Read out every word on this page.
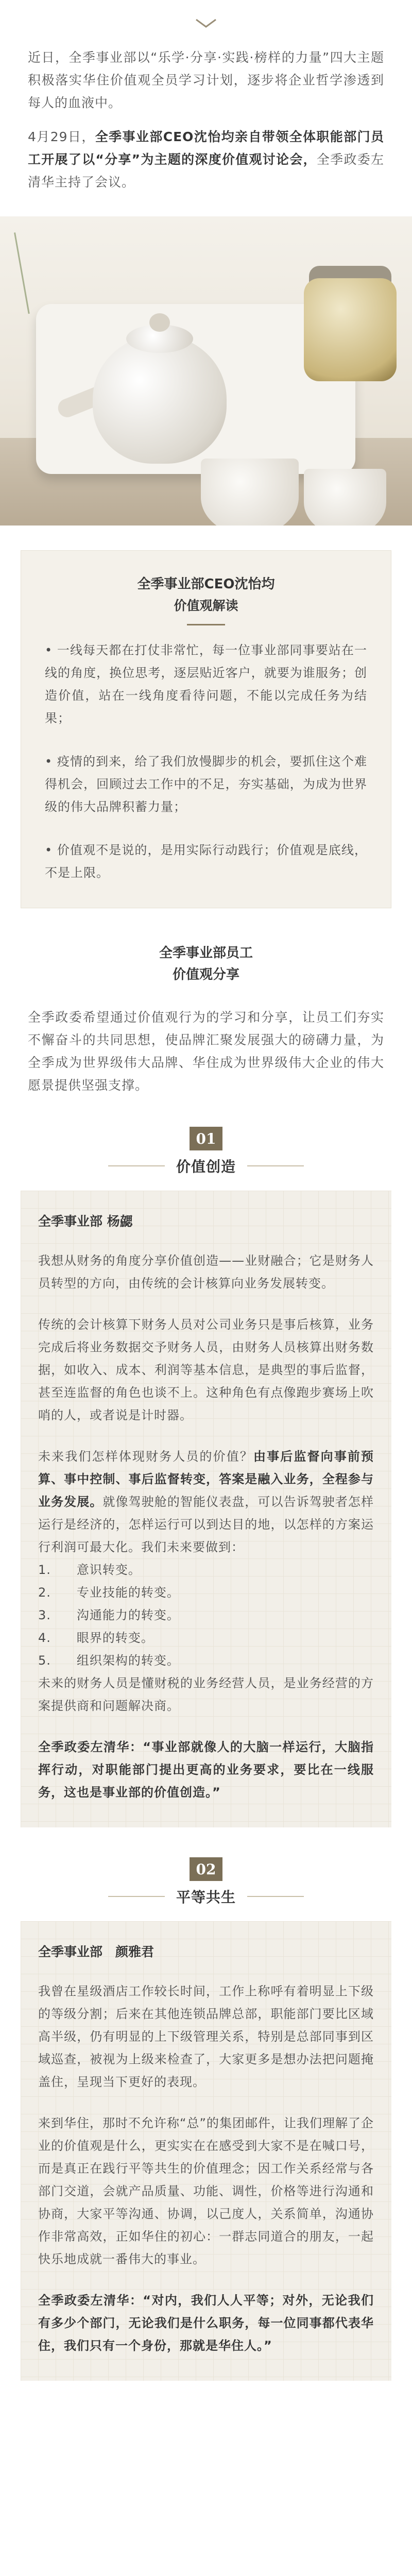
近日，全季事业部以“乐学·分享·实践·榜样的力量”四大主题积极落实华住价值观全员学习计划，逐步将企业哲学渗透到每人的血液中。

4月29日，全季事业部CEO沈怡均亲自带领全体职能部门员工开展了以“分享”为主题的深度价值观讨论会，全季政委左清华主持了会议。

全季事业部CEO沈怡均
价值观解读

• 一线每天都在打仗非常忙，每一位事业部同事要站在一线的角度，换位思考，逐层贴近客户，就要为谁服务；创造价值，站在一线角度看待问题，不能以完成任务为结果；

• 疫情的到来，给了我们放慢脚步的机会，要抓住这个难得机会，回顾过去工作中的不足，夯实基础，为成为世界级的伟大品牌积蓄力量；

• 价值观不是说的，是用实际行动践行；价值观是底线，不是上限。

全季事业部员工
价值观分享

全季政委希望通过价值观行为的学习和分享，让员工们夯实不懈奋斗的共同思想，使品牌汇聚发展强大的磅礴力量，为全季成为世界级伟大品牌、华住成为世界级伟大企业的伟大愿景提供坚强支撑。

01
价值创造
全季事业部 杨勰

我想从财务的角度分享价值创造——业财融合；它是财务人员转型的方向，由传统的会计核算向业务发展转变。

传统的会计核算下财务人员对公司业务只是事后核算，业务完成后将业务数据交予财务人员，由财务人员核算出财务数据，如收入、成本、利润等基本信息，是典型的事后监督，甚至连监督的角色也谈不上。这种角色有点像跑步赛场上吹哨的人，或者说是计时器。

未来我们怎样体现财务人员的价值？由事后监督向事前预算、事中控制、事后监督转变，答案是融入业务，全程参与业务发展。就像驾驶舱的智能仪表盘，可以告诉驾驶者怎样运行是经济的，怎样运行可以到达目的地，以怎样的方案运行利润可最大化。我们未来要做到：
1.　　意识转变。
2.　　专业技能的转变。
3.　　沟通能力的转变。
4.　　眼界的转变。
5.　　组织架构的转变。
未来的财务人员是懂财税的业务经营人员，是业务经营的方案提供商和问题解决商。

全季政委左清华：“事业部就像人的大脑一样运行，大脑指挥行动，对职能部门提出更高的业务要求，要比在一线服务，这也是事业部的价值创造。”

02
平等共生
全季事业部　颜雅君

我曾在星级酒店工作较长时间，工作上称呼有着明显上下级的等级分割；后来在其他连锁品牌总部，职能部门要比区域高半级，仍有明显的上下级管理关系，特别是总部同事到区域巡查，被视为上级来检查了，大家更多是想办法把问题掩盖住，呈现当下更好的表现。

来到华住，那时不允许称“总”的集团邮件，让我们理解了企业的价值观是什么，更实实在在感受到大家不是在喊口号，而是真正在践行平等共生的价值理念；因工作关系经常与各部门交道，会就产品质量、功能、调性，价格等进行沟通和协商，大家平等沟通、协调，以己度人，关系简单，沟通协作非常高效，正如华住的初心：一群志同道合的朋友，一起快乐地成就一番伟大的事业。

全季政委左清华：“对内，我们人人平等；对外，无论我们有多少个部门，无论我们是什么职务，每一位同事都代表华住，我们只有一个身份，那就是华住人。”
